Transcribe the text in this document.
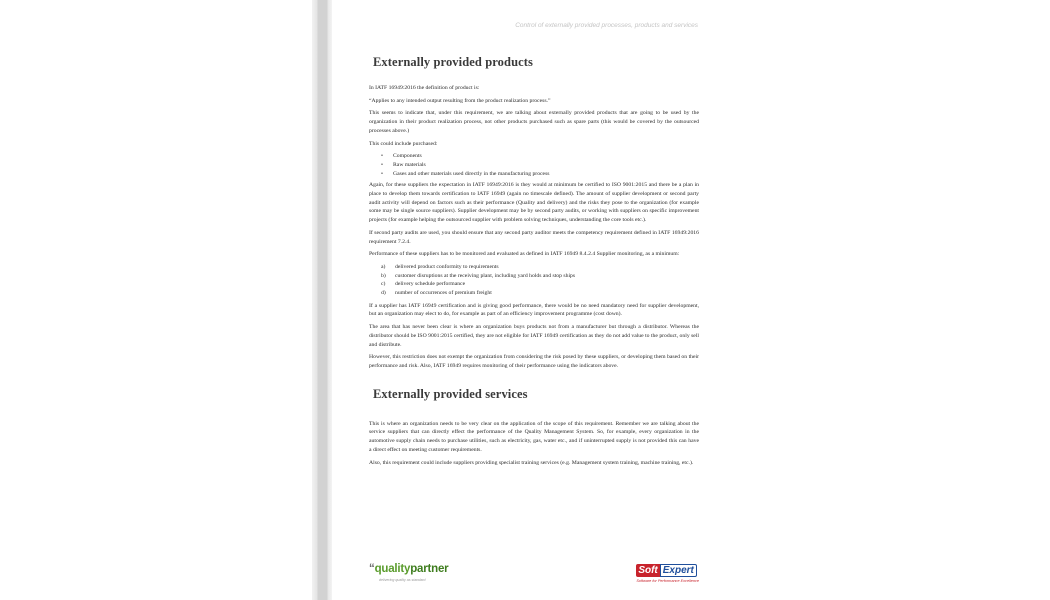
Control of externally provided processes, products and services
Externally provided products

In IATF 16949:2016 the definition of product is:

“Applies to any intended output resulting from the product realization process.”

This seems to indicate that, under this requirement, we are talking about externally provided products that are going to be used by the organization in their product realization process, not other products purchased such as spare parts (this would be covered by the outsourced processes above.)

This could include purchased:

• Components
• Raw materials
• Gases and other materials used directly in the manufacturing process

Again, for these suppliers the expectation in IATF 16949:2016 is they would at minimum be certified to ISO 9001:2015 and there be a plan in place to develop them towards certification to IATF 16949 (again no timescale defined). The amount of supplier development or second party audit activity will depend on factors such as their performance (Quality and delivery) and the risks they pose to the organization (for example some may be single source suppliers). Supplier development may be by second party audits, or working with suppliers on specific improvement projects (for example helping the outsourced supplier with problem solving techniques, understanding the core tools etc.).

If second party audits are used, you should ensure that any second party auditor meets the competency requirement defined in IATF 16949:2016 requirement 7.2.4.

Performance of these suppliers has to be monitored and evaluated as defined in IATF 16949 8.4.2.4 Supplier monitoring, as a minimum:

a) delivered product conformity to requirements
b) customer disruptions at the receiving plant, including yard holds and stop ships
c) delivery schedule performance
d) number of occurrences of premium freight

If a supplier has IATF 16949 certification and is giving good performance, there would be no need mandatory need for supplier development, but an organization may elect to do, for example as part of an efficiency improvement programme (cost down).

The area that has never been clear is where an organization buys products not from a manufacturer but through a distributor. Whereas the distributor should be ISO 9001:2015 certified, they are not eligible for IATF 16949 certification as they do not add value to the product, only sell and distribute.

However, this restriction does not exempt the organization from considering the risk posed by these suppliers, or developing them based on their performance and risk. Also, IATF 16949 requires monitoring of their performance using the indicators above.

Externally provided services

This is where an organization needs to be very clear on the application of the scope of this requirement. Remember we are talking about the service suppliers that can directly effect the performance of the Quality Management System. So, for example, every organization in the automotive supply chain needs to purchase utilities, such as electricity, gas, water etc., and if uninterrupted supply is not provided this can have a direct effect on meeting customer requirements.

Also, this requirement could include suppliers providing specialist training services (e.g. Management system training, machine training, etc.).

“qualitypartner
delivering quality as standard
Soft Expert
Software for Performance Excellence
